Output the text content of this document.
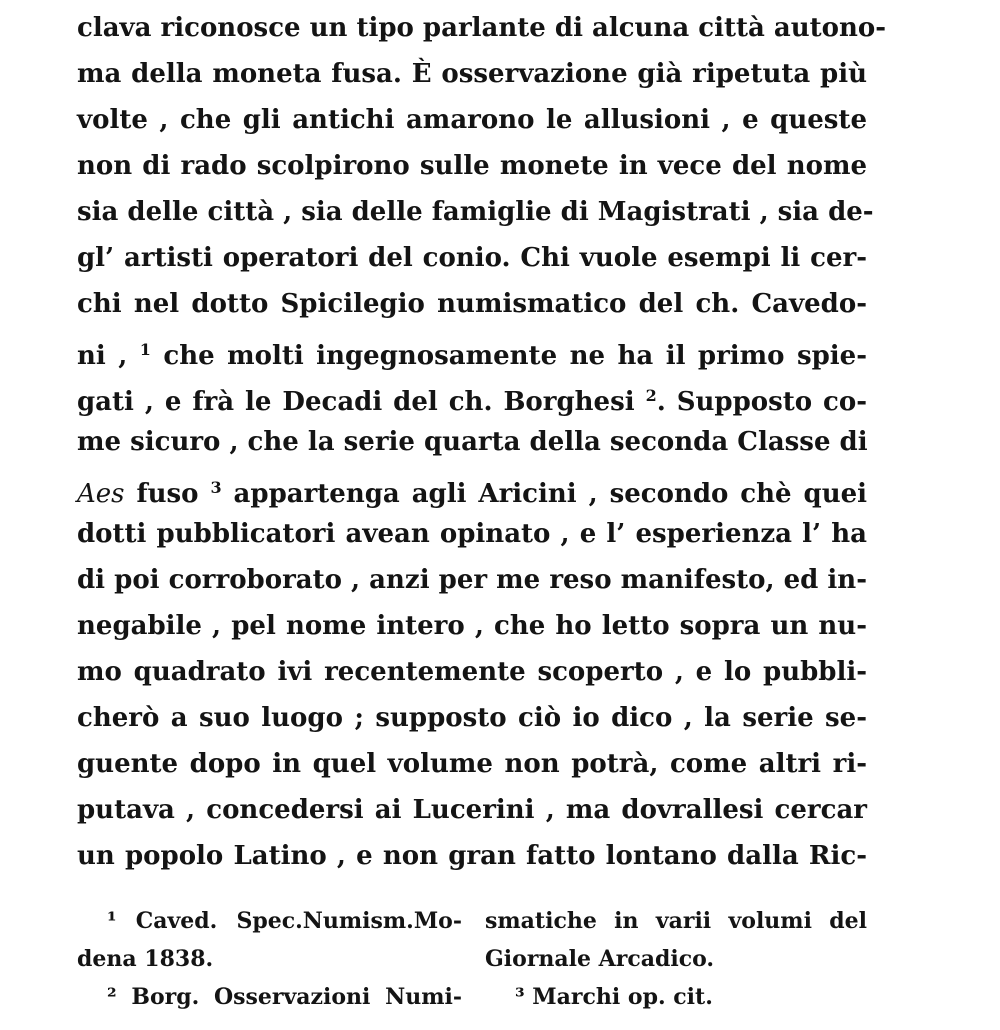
clava riconosce un tipo parlante di alcuna città autono-
ma della moneta fusa. È osservazione già ripetuta più
volte , che gli antichi amarono le allusioni , e queste
non di rado scolpirono sulle monete in vece del nome
sia delle città , sia delle famiglie di Magistrati , sia de-
gl’ artisti operatori del conio. Chi vuole esempi li cer-
chi nel dotto Spicilegio numismatico del ch. Cavedo-
ni , $^1$ che molti ingegnosamente ne ha il primo spie-
gati , e frà le Decadi del ch. Borghesi $^2$. Supposto co-
me sicuro , che la serie quarta della seconda Classe di
Aes fuso $^3$ appartenga agli Aricini , secondo chè quei
dotti pubblicatori avean opinato , e l’ esperienza l’ ha
di poi corroborato , anzi per me reso manifesto, ed in-
negabile , pel nome intero , che ho letto sopra un nu-
mo quadrato ivi recentemente scoperto , e lo pubbli-
cherò a suo luogo ; supposto ciò io dico , la serie se-
guente dopo in quel volume non potrà, come altri ri-
putava , concedersi ai Lucerini , ma dovrallesi cercar
un popolo Latino , e non gran fatto lontano dalla Ric-
¹ Caved. Spec.Numism.Mo- smatiche in varii volumi del
dena 1838.	Giornale Arcadico.
² Borg. Osservazioni Numi-	³ Marchi op. cit.
